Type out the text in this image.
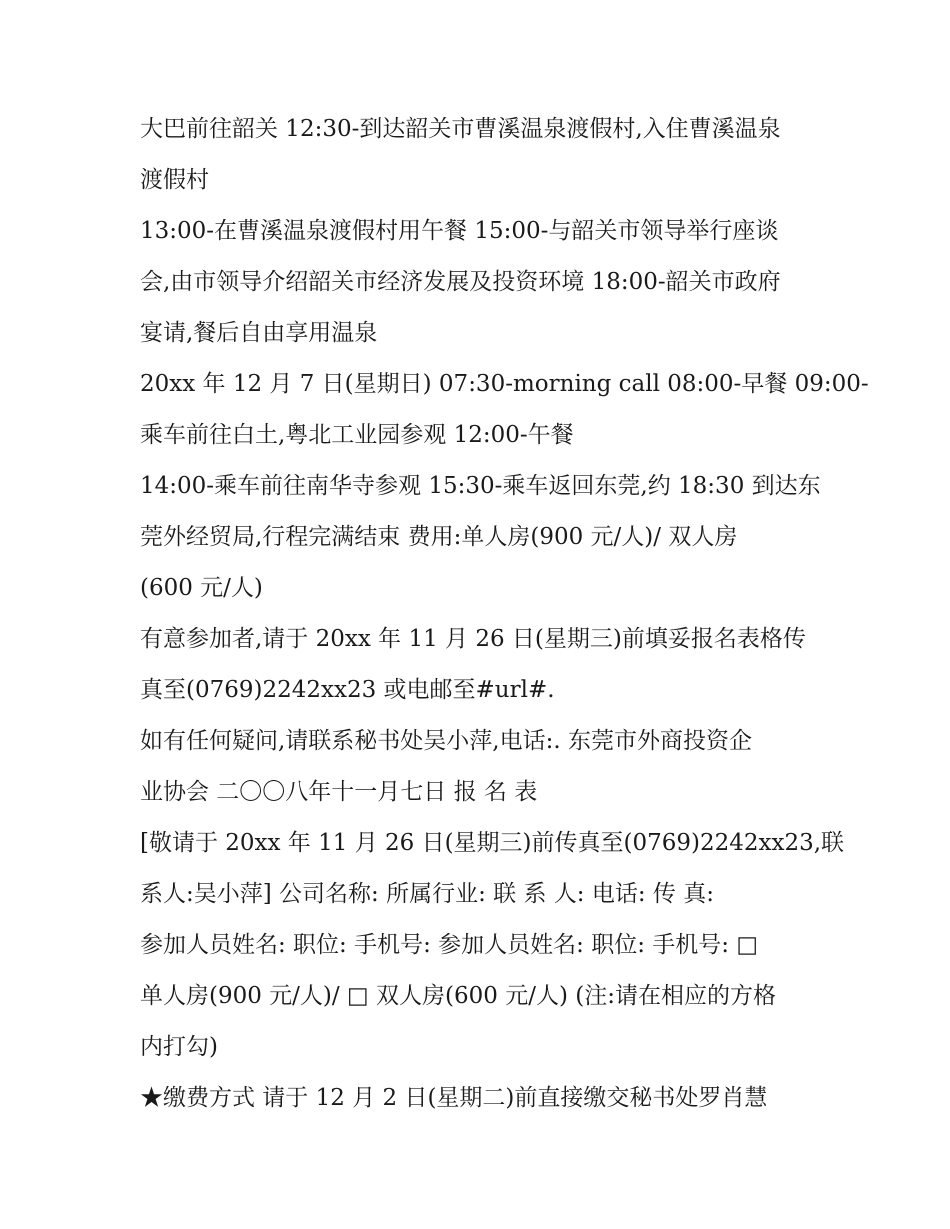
大巴前往韶关 12:30-到达韶关市曹溪温泉渡假村,入住曹溪温泉
渡假村

13:00-在曹溪温泉渡假村用午餐 15:00-与韶关市领导举行座谈
会,由市领导介绍韶关市经济发展及投资环境 18:00-韶关市政府
宴请,餐后自由享用温泉

20xx 年 12 月 7 日(星期日) 07:30-morning call 08:00-早餐 09:00-
乘车前往白土,粤北工业园参观 12:00-午餐

14:00-乘车前往南华寺参观 15:30-乘车返回东莞,约 18:30 到达东
莞外经贸局,行程完满结束 费用:单人房(900 元/人)/ 双人房
(600 元/人)

有意参加者,请于 20xx 年 11 月 26 日(星期三)前填妥报名表格传
真至(0769)2242xx23 或电邮至#url#.

如有任何疑问,请联系秘书处吴小萍,电话:. 东莞市外商投资企
业协会 二〇〇八年十一月七日 报 名 表

[敬请于 20xx 年 11 月 26 日(星期三)前传真至(0769)2242xx23,联
系人:吴小萍] 公司名称: 所属行业: 联 系 人: 电话: 传 真:

参加人员姓名: 职位: 手机号: 参加人员姓名: 职位: 手机号: □
单人房(900 元/人)/ □ 双人房(600 元/人) (注:请在相应的方格
内打勾)

★缴费方式 请于 12 月 2 日(星期二)前直接缴交秘书处罗肖慧
